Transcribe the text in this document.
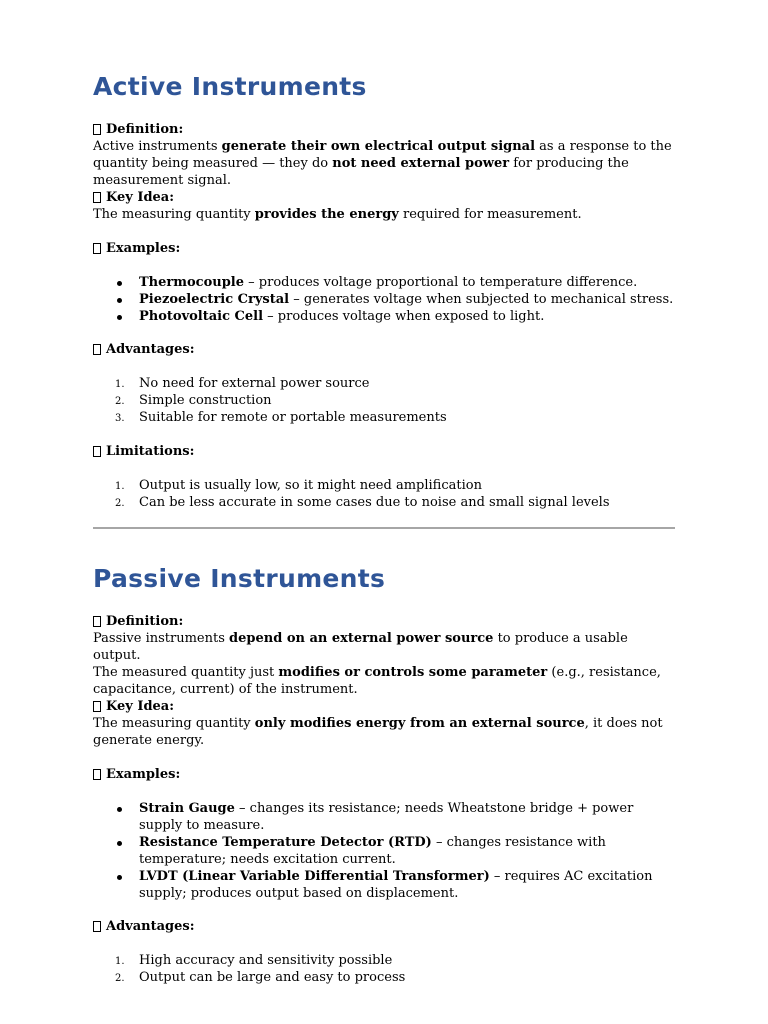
Active Instruments
Definition:

Active instruments generate their own electrical output signal as a response to the quantity being measured — they do not need external power for producing the measurement signal.

Key Idea:

The measuring quantity provides the energy required for measurement.

Examples:
Thermocouple – produces voltage proportional to temperature difference.
Piezoelectric Crystal – generates voltage when subjected to mechanical stress.
Photovoltaic Cell – produces voltage when exposed to light.
Advantages:
1. No need for external power source
2. Simple construction
3. Suitable for remote or portable measurements
Limitations:
1. Output is usually low, so it might need amplification
2. Can be less accurate in some cases due to noise and small signal levels
Passive Instruments
Definition:

Passive instruments depend on an external power source to produce a usable output.
The measured quantity just modifies or controls some parameter (e.g., resistance, capacitance, current) of the instrument.

Key Idea:

The measuring quantity only modifies energy from an external source, it does not generate energy.

Examples:
Strain Gauge – changes its resistance; needs Wheatstone bridge + power supply to measure.
Resistance Temperature Detector (RTD) – changes resistance with temperature; needs excitation current.
LVDT (Linear Variable Differential Transformer) – requires AC excitation supply; produces output based on displacement.
Advantages:
1. High accuracy and sensitivity possible
2. Output can be large and easy to process
